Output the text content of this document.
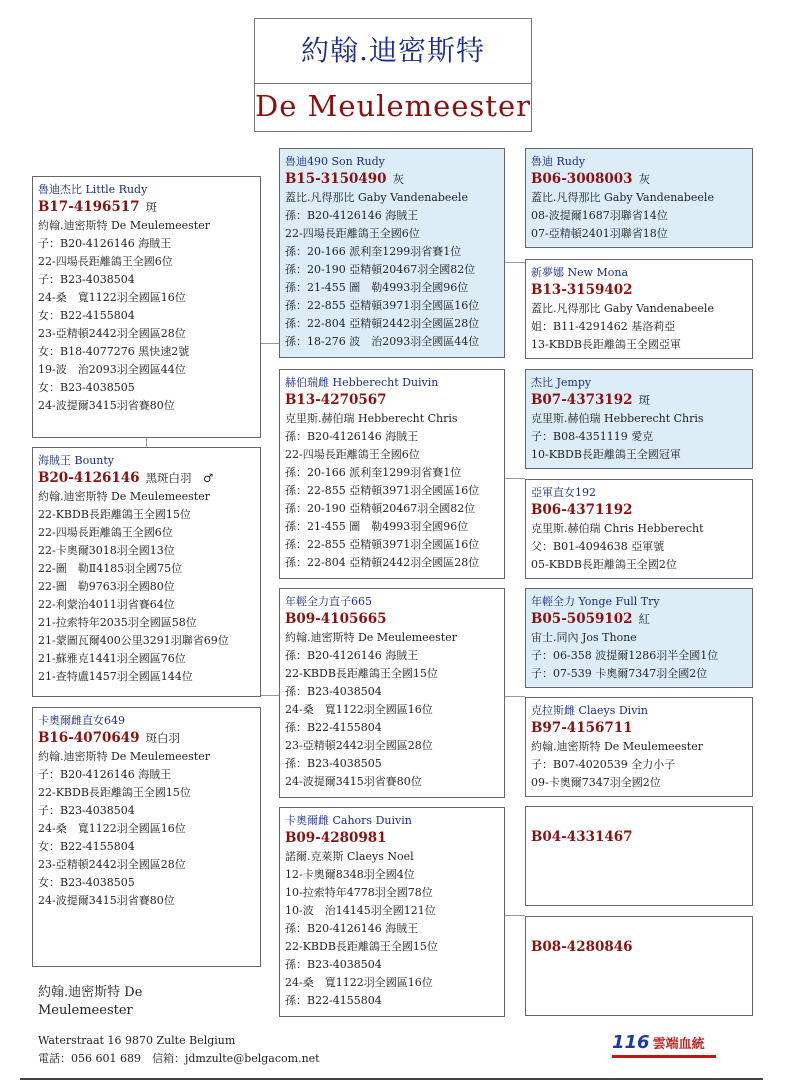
約翰.迪密斯特
De Meulemeester
魯迪杰比 Little Rudy
B17-4196517 斑
約翰.迪密斯特 De Meulemeester
子：B20-4126146 海賊王
22-四場長距離鴿王全國6位
子：B23-4038504
24-桑　寬1122羽全國區16位
女：B22-4155804
23-亞精頓2442羽全國區28位
女：B18-4077276 黑快速2號
19-波　治2093羽全國區44位
女：B23-4038505
24-波提爾3415羽省賽80位
海賊王 Bounty
B20-4126146 黑斑白羽　♂
約翰.迪密斯特 De Meulemeester
22-KBDB長距離鴿王全國15位
22-四場長距離鴿王全國6位
22-卡奧爾3018羽全國13位
22-圖　勒Ⅱ4185羽全國75位
22-圖　勒9763羽全國80位
22-利蒙治4011羽省賽64位
21-拉索特年2035羽全國區58位
21-蒙圖瓦爾400公里3291羽聯省69位
21-蘇雅克1441羽全國區76位
21-查特盧1457羽全國區144位
卡奧爾雌直女649
B16-4070649 斑白羽
約翰.迪密斯特 De Meulemeester
子：B20-4126146 海賊王
22-KBDB長距離鴿王全國15位
子：B23-4038504
24-桑　寬1122羽全國區16位
女：B22-4155804
23-亞精頓2442羽全國區28位
女：B23-4038505
24-波提爾3415羽省賽80位
魯迪490 Son Rudy
B15-3150490 灰
蓋比.凡得那比 Gaby Vandenabeele
孫：B20-4126146 海賊王
22-四場長距離鴿王全國6位
孫：20-166 派利奎1299羽省賽1位
孫：20-190 亞精頓20467羽全國82位
孫：21-455 圖　勒4993羽全國96位
孫：22-855 亞精頓3971羽全國區16位
孫：22-804 亞精頓2442羽全國區28位
孫：18-276 波　治2093羽全國區44位
赫伯瑞雌 Hebberecht Duivin
B13-4270567
克里斯.赫伯瑞 Hebberecht Chris
孫：B20-4126146 海賊王
22-四場長距離鴿王全國6位
孫：20-166 派利奎1299羽省賽1位
孫：22-855 亞精頓3971羽全國區16位
孫：20-190 亞精頓20467羽全國82位
孫：21-455 圖　勒4993羽全國96位
孫：22-855 亞精頓3971羽全國區16位
孫：22-804 亞精頓2442羽全國區28位
年輕全力直子665
B09-4105665
約翰.迪密斯特 De Meulemeester
孫：B20-4126146 海賊王
22-KBDB長距離鴿王全國15位
孫：B23-4038504
24-桑　寬1122羽全國區16位
孫：B22-4155804
23-亞精頓2442羽全國區28位
孫：B23-4038505
24-波提爾3415羽省賽80位
卡奧爾雌 Cahors Duivin
B09-4280981
諾爾.克萊斯 Claeys Noel
12-卡奧爾8348羽全國4位
10-拉索特年4778羽全國78位
10-波　治14145羽全國121位
孫：B20-4126146 海賊王
22-KBDB長距離鴿王全國15位
孫：B23-4038504
24-桑　寬1122羽全國區16位
孫：B22-4155804
魯迪 Rudy
B06-3008003 灰
蓋比.凡得那比 Gaby Vandenabeele
08-波提爾1687羽聯省14位
07-亞精頓2401羽聯省18位
新夢娜 New Mona
B13-3159402
蓋比.凡得那比 Gaby Vandenabeele
姐：B11-4291462 基洛莉亞
13-KBDB長距離鴿王全國亞軍
杰比 Jempy
B07-4373192 斑
克里斯.赫伯瑞 Hebberecht Chris
子：B08-4351119 愛克
10-KBDB長距離鴿王全國冠軍
亞軍直女192
B06-4371192
克里斯.赫伯瑞 Chris Hebberecht
父：B01-4094638 亞軍號
05-KBDB長距離鴿王全國2位
年輕全力 Yonge Full Try
B05-5059102 紅
宙士.同內 Jos Thone
子：06-358 波提爾1286羽半全國1位
子：07-539 卡奧爾7347羽全國2位
克拉斯雌 Claeys Divin
B97-4156711
約翰.迪密斯特 De Meulemeester
子：B07-4020539 全力小子
09-卡奧爾7347羽全國2位
B04-4331467
B08-4280846
約翰.迪密斯特 De Meulemeester
Waterstraat 16 9870 Zulte Belgium
電話：056 601 689　信箱：jdmzulte@belgacom.net
116 雲端血統
